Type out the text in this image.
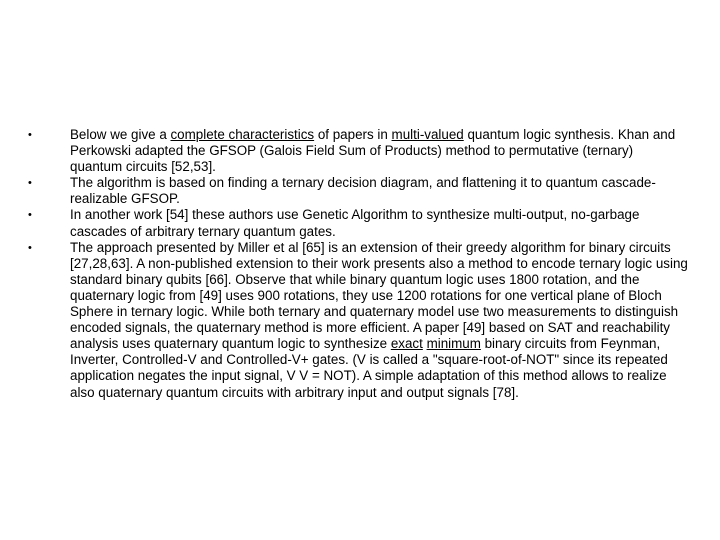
•	Below we give a complete characteristics of papers in multi-valued quantum logic synthesis. Khan and Perkowski adapted the GFSOP (Galois Field Sum of Products) method to permutative (ternary) quantum circuits [52,53].
•	The algorithm is based on finding a ternary decision diagram, and flattening it to quantum cascade-realizable GFSOP.
•	In another work [54] these authors use Genetic Algorithm to synthesize multi-output, no-garbage cascades of arbitrary ternary quantum gates.
•	The approach presented by Miller et al [65] is an extension of their greedy algorithm for binary circuits [27,28,63]. A non-published extension to their work presents also a method to encode ternary logic using standard binary qubits [66]. Observe that while binary quantum logic uses 1800 rotation, and the quaternary logic from [49] uses 900 rotations, they use 1200 rotations for one vertical plane of Bloch Sphere in ternary logic. While both ternary and quaternary model use two measurements to distinguish encoded signals, the quaternary method is more efficient. A paper [49] based on SAT and reachability analysis uses quaternary quantum logic to synthesize exact minimum binary circuits from Feynman, Inverter, Controlled-V and Controlled-V+ gates. (V is called a "square-root-of-NOT" since its repeated application negates the input signal, V V = NOT). A simple adaptation of this method allows to realize also quaternary quantum circuits with arbitrary input and output signals [78].
